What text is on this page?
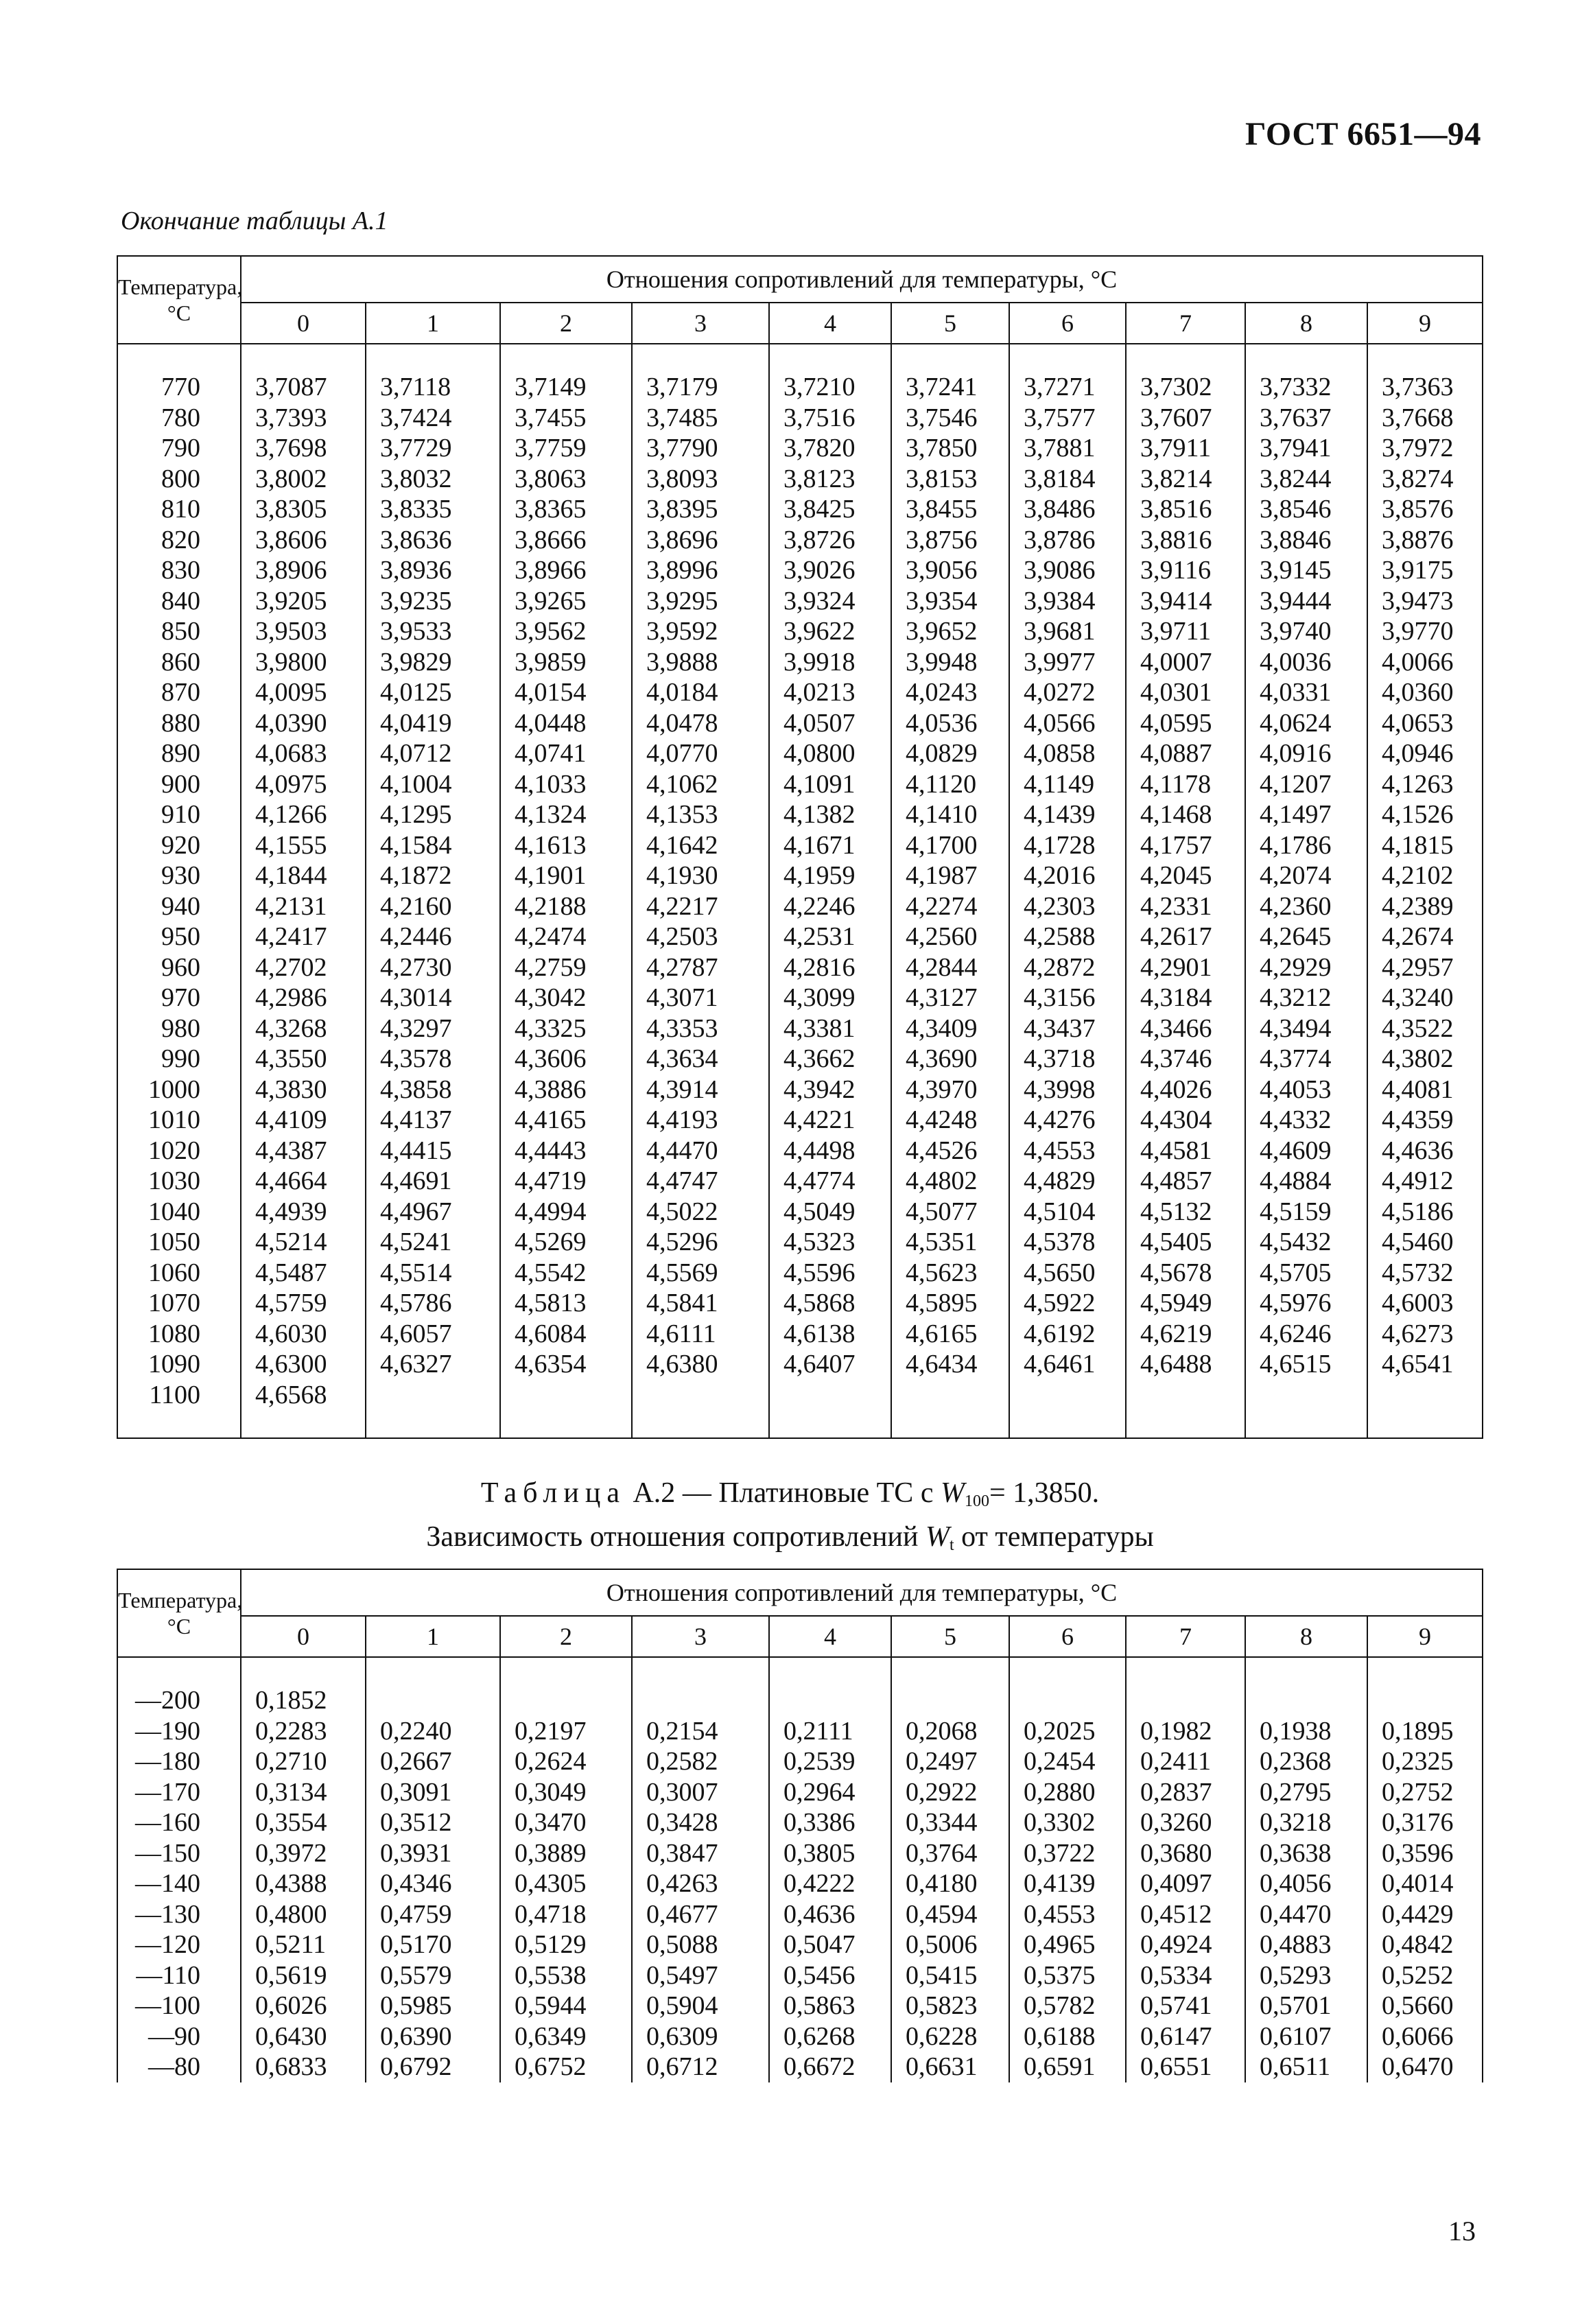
ГОСТ 6651—94
Окончание таблицы А.1
Температура, °С	Отношения сопротивлений для температуры, °С									
	0	1	2	3	4	5	6	7	8	9

770	3,7087	3,7118	3,7149	3,7179	3,7210	3,7241	3,7271	3,7302	3,7332	3,7363
780	3,7393	3,7424	3,7455	3,7485	3,7516	3,7546	3,7577	3,7607	3,7637	3,7668
790	3,7698	3,7729	3,7759	3,7790	3,7820	3,7850	3,7881	3,7911	3,7941	3,7972
800	3,8002	3,8032	3,8063	3,8093	3,8123	3,8153	3,8184	3,8214	3,8244	3,8274
810	3,8305	3,8335	3,8365	3,8395	3,8425	3,8455	3,8486	3,8516	3,8546	3,8576
820	3,8606	3,8636	3,8666	3,8696	3,8726	3,8756	3,8786	3,8816	3,8846	3,8876
830	3,8906	3,8936	3,8966	3,8996	3,9026	3,9056	3,9086	3,9116	3,9145	3,9175
840	3,9205	3,9235	3,9265	3,9295	3,9324	3,9354	3,9384	3,9414	3,9444	3,9473
850	3,9503	3,9533	3,9562	3,9592	3,9622	3,9652	3,9681	3,9711	3,9740	3,9770
860	3,9800	3,9829	3,9859	3,9888	3,9918	3,9948	3,9977	4,0007	4,0036	4,0066
870	4,0095	4,0125	4,0154	4,0184	4,0213	4,0243	4,0272	4,0301	4,0331	4,0360
880	4,0390	4,0419	4,0448	4,0478	4,0507	4,0536	4,0566	4,0595	4,0624	4,0653
890	4,0683	4,0712	4,0741	4,0770	4,0800	4,0829	4,0858	4,0887	4,0916	4,0946
900	4,0975	4,1004	4,1033	4,1062	4,1091	4,1120	4,1149	4,1178	4,1207	4,1263
910	4,1266	4,1295	4,1324	4,1353	4,1382	4,1410	4,1439	4,1468	4,1497	4,1526
920	4,1555	4,1584	4,1613	4,1642	4,1671	4,1700	4,1728	4,1757	4,1786	4,1815
930	4,1844	4,1872	4,1901	4,1930	4,1959	4,1987	4,2016	4,2045	4,2074	4,2102
940	4,2131	4,2160	4,2188	4,2217	4,2246	4,2274	4,2303	4,2331	4,2360	4,2389
950	4,2417	4,2446	4,2474	4,2503	4,2531	4,2560	4,2588	4,2617	4,2645	4,2674
960	4,2702	4,2730	4,2759	4,2787	4,2816	4,2844	4,2872	4,2901	4,2929	4,2957
970	4,2986	4,3014	4,3042	4,3071	4,3099	4,3127	4,3156	4,3184	4,3212	4,3240
980	4,3268	4,3297	4,3325	4,3353	4,3381	4,3409	4,3437	4,3466	4,3494	4,3522
990	4,3550	4,3578	4,3606	4,3634	4,3662	4,3690	4,3718	4,3746	4,3774	4,3802
1000	4,3830	4,3858	4,3886	4,3914	4,3942	4,3970	4,3998	4,4026	4,4053	4,4081
1010	4,4109	4,4137	4,4165	4,4193	4,4221	4,4248	4,4276	4,4304	4,4332	4,4359
1020	4,4387	4,4415	4,4443	4,4470	4,4498	4,4526	4,4553	4,4581	4,4609	4,4636
1030	4,4664	4,4691	4,4719	4,4747	4,4774	4,4802	4,4829	4,4857	4,4884	4,4912
1040	4,4939	4,4967	4,4994	4,5022	4,5049	4,5077	4,5104	4,5132	4,5159	4,5186
1050	4,5214	4,5241	4,5269	4,5296	4,5323	4,5351	4,5378	4,5405	4,5432	4,5460
1060	4,5487	4,5514	4,5542	4,5569	4,5596	4,5623	4,5650	4,5678	4,5705	4,5732
1070	4,5759	4,5786	4,5813	4,5841	4,5868	4,5895	4,5922	4,5949	4,5976	4,6003
1080	4,6030	4,6057	4,6084	4,6111	4,6138	4,6165	4,6192	4,6219	4,6246	4,6273
1090	4,6300	4,6327	4,6354	4,6380	4,6407	4,6434	4,6461	4,6488	4,6515	4,6541
1100	4,6568									

Таблица А.2 — Платиновые ТС с $W_{100}= 1,3850$.
Зависимость отношения сопротивлений $W_t$ от температуры
Температура, °С	Отношения сопротивлений для температуры, °С									
	0	1	2	3	4	5	6	7	8	9

—200	0,1852									
—190	0,2283	0,2240	0,2197	0,2154	0,2111	0,2068	0,2025	0,1982	0,1938	0,1895
—180	0,2710	0,2667	0,2624	0,2582	0,2539	0,2497	0,2454	0,2411	0,2368	0,2325
—170	0,3134	0,3091	0,3049	0,3007	0,2964	0,2922	0,2880	0,2837	0,2795	0,2752
—160	0,3554	0,3512	0,3470	0,3428	0,3386	0,3344	0,3302	0,3260	0,3218	0,3176
—150	0,3972	0,3931	0,3889	0,3847	0,3805	0,3764	0,3722	0,3680	0,3638	0,3596
—140	0,4388	0,4346	0,4305	0,4263	0,4222	0,4180	0,4139	0,4097	0,4056	0,4014
—130	0,4800	0,4759	0,4718	0,4677	0,4636	0,4594	0,4553	0,4512	0,4470	0,4429
—120	0,5211	0,5170	0,5129	0,5088	0,5047	0,5006	0,4965	0,4924	0,4883	0,4842
—110	0,5619	0,5579	0,5538	0,5497	0,5456	0,5415	0,5375	0,5334	0,5293	0,5252
—100	0,6026	0,5985	0,5944	0,5904	0,5863	0,5823	0,5782	0,5741	0,5701	0,5660
—90	0,6430	0,6390	0,6349	0,6309	0,6268	0,6228	0,6188	0,6147	0,6107	0,6066
—80	0,6833	0,6792	0,6752	0,6712	0,6672	0,6631	0,6591	0,6551	0,6511	0,6470
13
